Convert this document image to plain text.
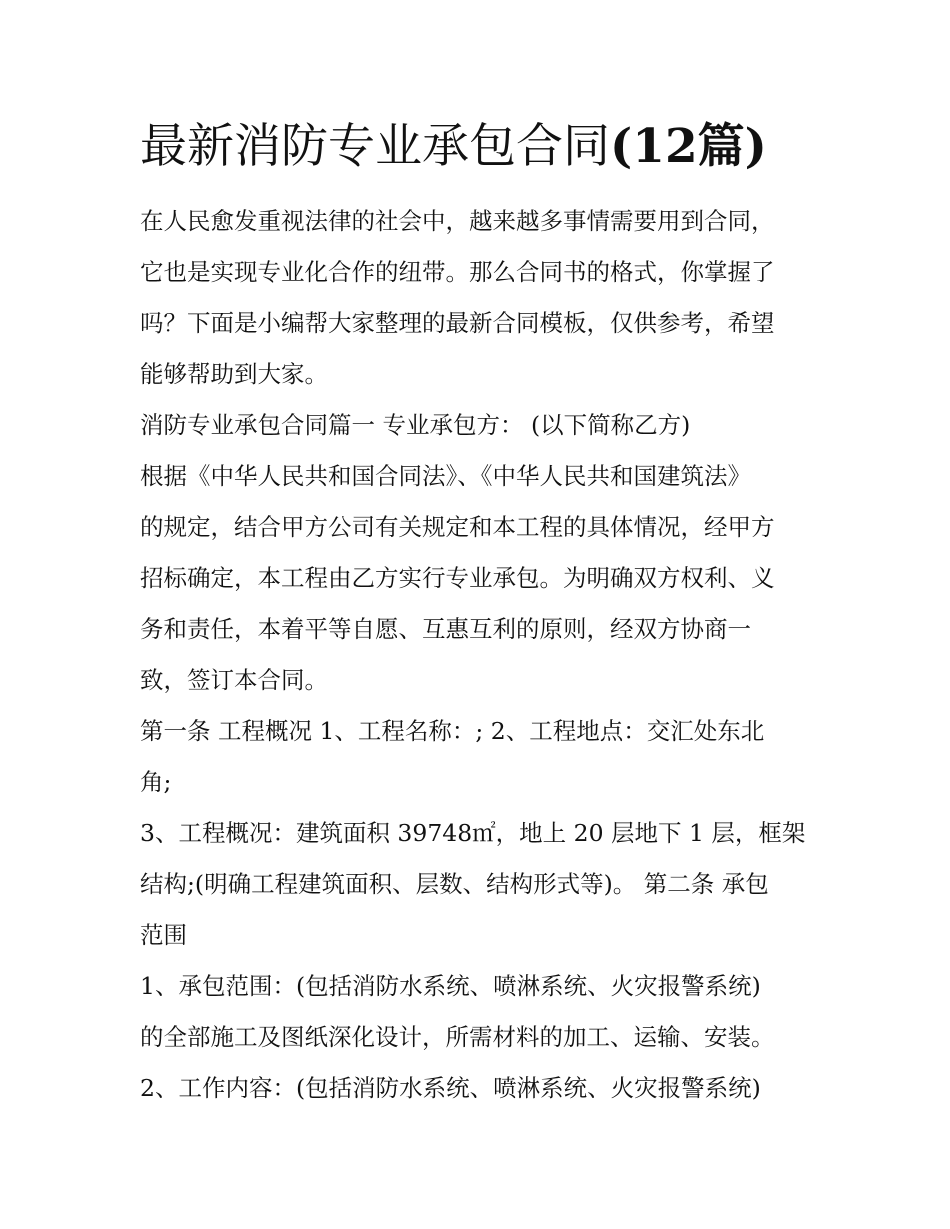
最新消防专业承包合同(12篇)

在人民愈发重视法律的社会中，越来越多事情需要用到合同，

它也是实现专业化合作的纽带。那么合同书的格式，你掌握了

吗？下面是小编帮大家整理的最新合同模板，仅供参考，希望

能够帮助到大家。

消防专业承包合同篇一 专业承包方： (以下简称乙方)

根据《中华人民共和国合同法》、《中华人民共和国建筑法》

的规定，结合甲方公司有关规定和本工程的具体情况，经甲方

招标确定，本工程由乙方实行专业承包。为明确双方权利、义

务和责任，本着平等自愿、互惠互利的原则，经双方协商一

致，签订本合同。

第一条 工程概况 1、工程名称：; 2、工程地点：交汇处东北

角;

3、工程概况：建筑面积 39748㎡，地上 20 层地下 1 层，框架

结构;(明确工程建筑面积、层数、结构形式等)。 第二条 承包

范围

1、承包范围：(包括消防水系统、喷淋系统、火灾报警系统)

的全部施工及图纸深化设计，所需材料的加工、运输、安装。

2、工作内容：(包括消防水系统、喷淋系统、火灾报警系统)
